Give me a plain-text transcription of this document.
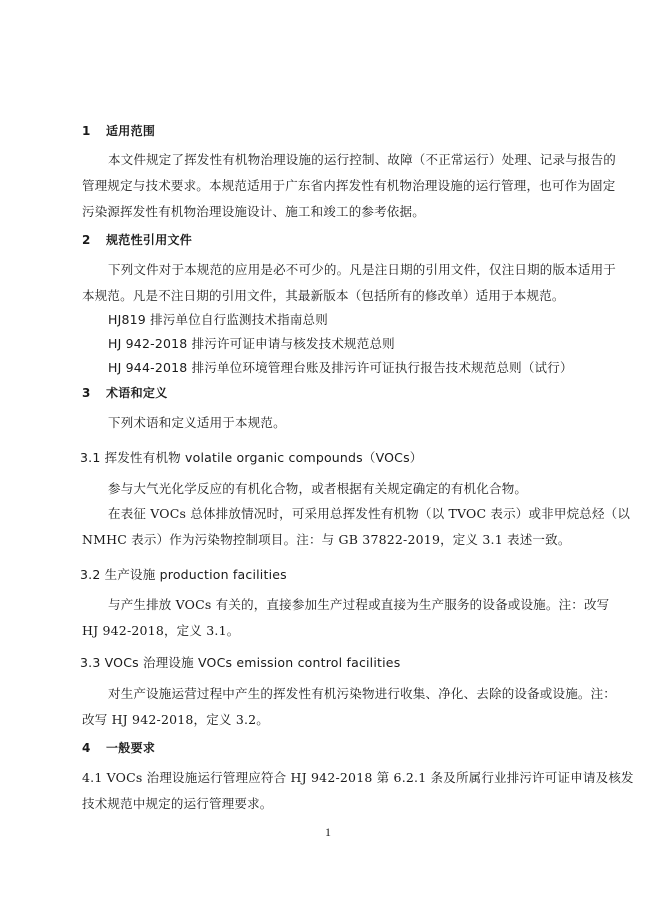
1 适用范围
本文件规定了挥发性有机物治理设施的运行控制、故障（不正常运行）处理、记录与报告的
管理规定与技术要求。本规范适用于广东省内挥发性有机物治理设施的运行管理，也可作为固定
污染源挥发性有机物治理设施设计、施工和竣工的参考依据。
2 规范性引用文件
下列文件对于本规范的应用是必不可少的。凡是注日期的引用文件，仅注日期的版本适用于
本规范。凡是不注日期的引用文件，其最新版本（包括所有的修改单）适用于本规范。
HJ819 排污单位自行监测技术指南总则
HJ 942-2018 排污许可证申请与核发技术规范总则
HJ 944-2018 排污单位环境管理台账及排污许可证执行报告技术规范总则（试行）
3 术语和定义
下列术语和定义适用于本规范。
3.1 挥发性有机物 volatile organic compounds（VOCs）
参与大气光化学反应的有机化合物，或者根据有关规定确定的有机化合物。
在表征 VOCs 总体排放情况时，可采用总挥发性有机物（以 TVOC 表示）或非甲烷总烃（以
NMHC 表示）作为污染物控制项目。注：与 GB 37822-2019，定义 3.1 表述一致。
3.2 生产设施 production facilities
与产生排放 VOCs 有关的，直接参加生产过程或直接为生产服务的设备或设施。注：改写
HJ 942-2018，定义 3.1。
3.3 VOCs 治理设施 VOCs emission control facilities
对生产设施运营过程中产生的挥发性有机污染物进行收集、净化、去除的设备或设施。注：
改写 HJ 942-2018，定义 3.2。
4 一般要求
4.1 VOCs 治理设施运行管理应符合 HJ 942-2018 第 6.2.1 条及所属行业排污许可证申请及核发
技术规范中规定的运行管理要求。
1
